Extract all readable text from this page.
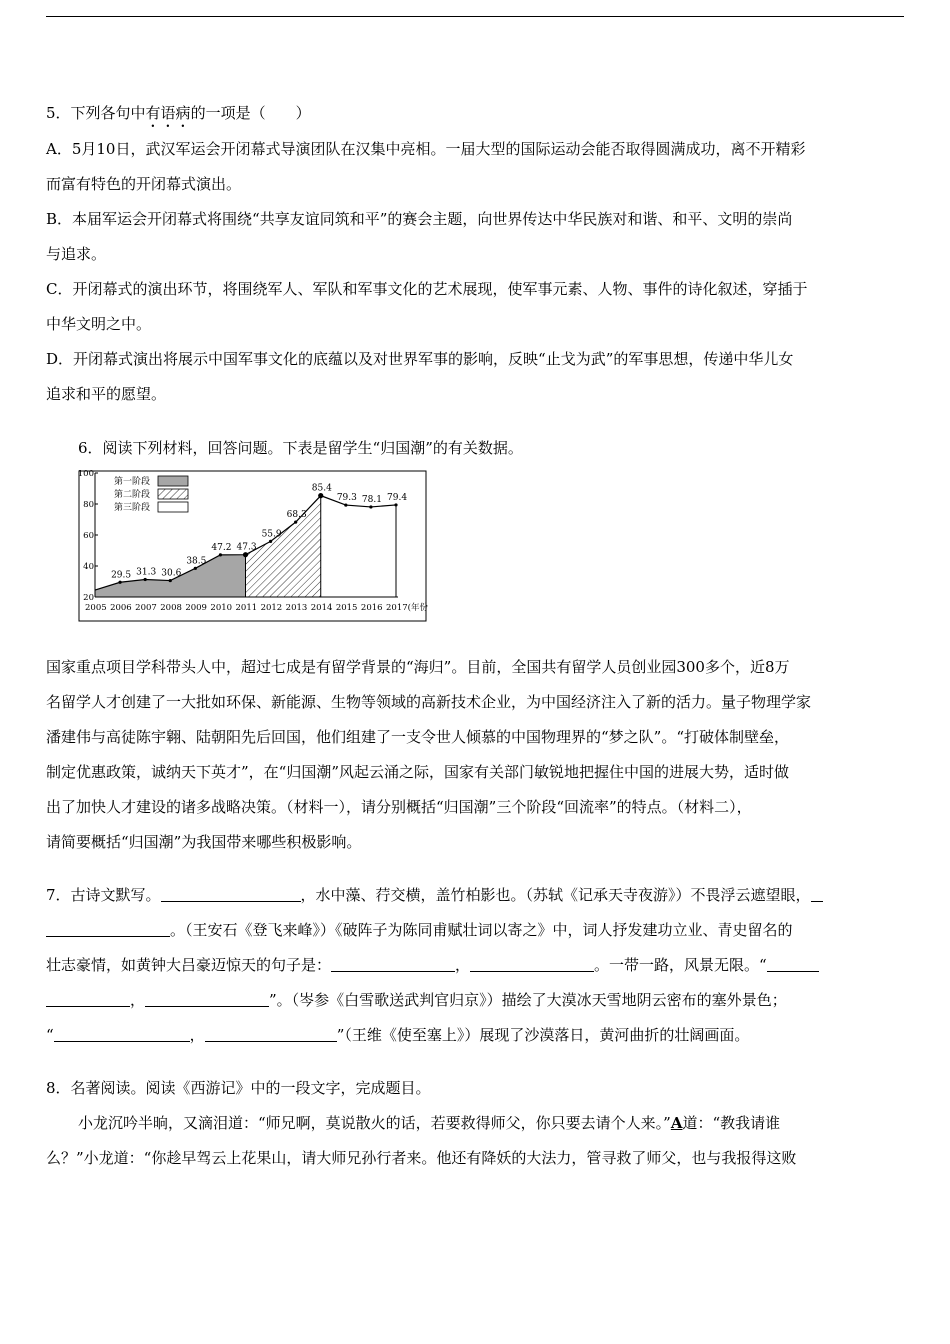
5．下列各句中有语病的一项是（　　）
A．5月10日，武汉军运会开闭幕式导演团队在汉集中亮相。一届大型的国际运动会能否取得圆满成功，离不开精彩
而富有特色的开闭幕式演出。
B．本届军运会开闭幕式将围绕“共享友谊同筑和平”的赛会主题，向世界传达中华民族对和谐、和平、文明的崇尚
与追求。
C．开闭幕式的演出环节，将围绕军人、军队和军事文化的艺术展现，使军事元素、人物、事件的诗化叙述，穿插于
中华文明之中。
D．开闭幕式演出将展示中国军事文化的底蕴以及对世界军事的影响，反映“止戈为武”的军事思想，传递中华儿女
追求和平的愿望。
6．阅读下列材料，回答问题。下表是留学生“归国潮”的有关数据。
20
40
60
80
100
2005 2006 2007 2008 2009 2010 2011 2012 2013 2014 2015 2016 2017(年份)
29.5 31.3 30.6
38.5
47.2 47.3
55.9
68.3
85.4
79.3 78.1 79.4
第一阶段
第二阶段
第三阶段
国家重点项目学科带头人中，超过七成是有留学背景的“海归”。目前，全国共有留学人员创业园300多个，近8万
名留学人才创建了一大批如环保、新能源、生物等领域的高新技术企业，为中国经济注入了新的活力。量子物理学家
潘建伟与高徒陈宇翱、陆朝阳先后回国，他们组建了一支令世人倾慕的中国物理界的“梦之队”。“打破体制壁垒，
制定优惠政策，诚纳天下英才”，在“归国潮”风起云涌之际，国家有关部门敏锐地把握住中国的进展大势，适时做
出了加快人才建设的诸多战略决策。（材料一），请分别概括“归国潮”三个阶段“回流率”的特点。（材料二），
请简要概括“归国潮”为我国带来哪些积极影响。
7．古诗文默写。	，水中藻、荇交横，盖竹柏影也。（苏轼《记承天寺夜游》）不畏浮云遮望眼，
。（王安石《登飞来峰》）《破阵子为陈同甫赋壮词以寄之》中，词人抒发建功立业、青史留名的
壮志豪情，如黄钟大吕豪迈惊天的句子是：	，	。一带一路，风景无限。“
，	”。（岑参《白雪歌送武判官归京》）描绘了大漠冰天雪地阴云密布的塞外景色；
“	，	”（王维《使至塞上》）展现了沙漠落日，黄河曲折的壮阔画面。
8．名著阅读。阅读《西游记》中的一段文字，完成题目。
小龙沉吟半晌，又滴泪道：“师兄啊，莫说散火的话，若要救得师父，你只要去请个人来。”A道：“教我请谁
么？”小龙道：“你趁早驾云上花果山，请大师兄孙行者来。他还有降妖的大法力，管寻救了师父，也与我报得这败
